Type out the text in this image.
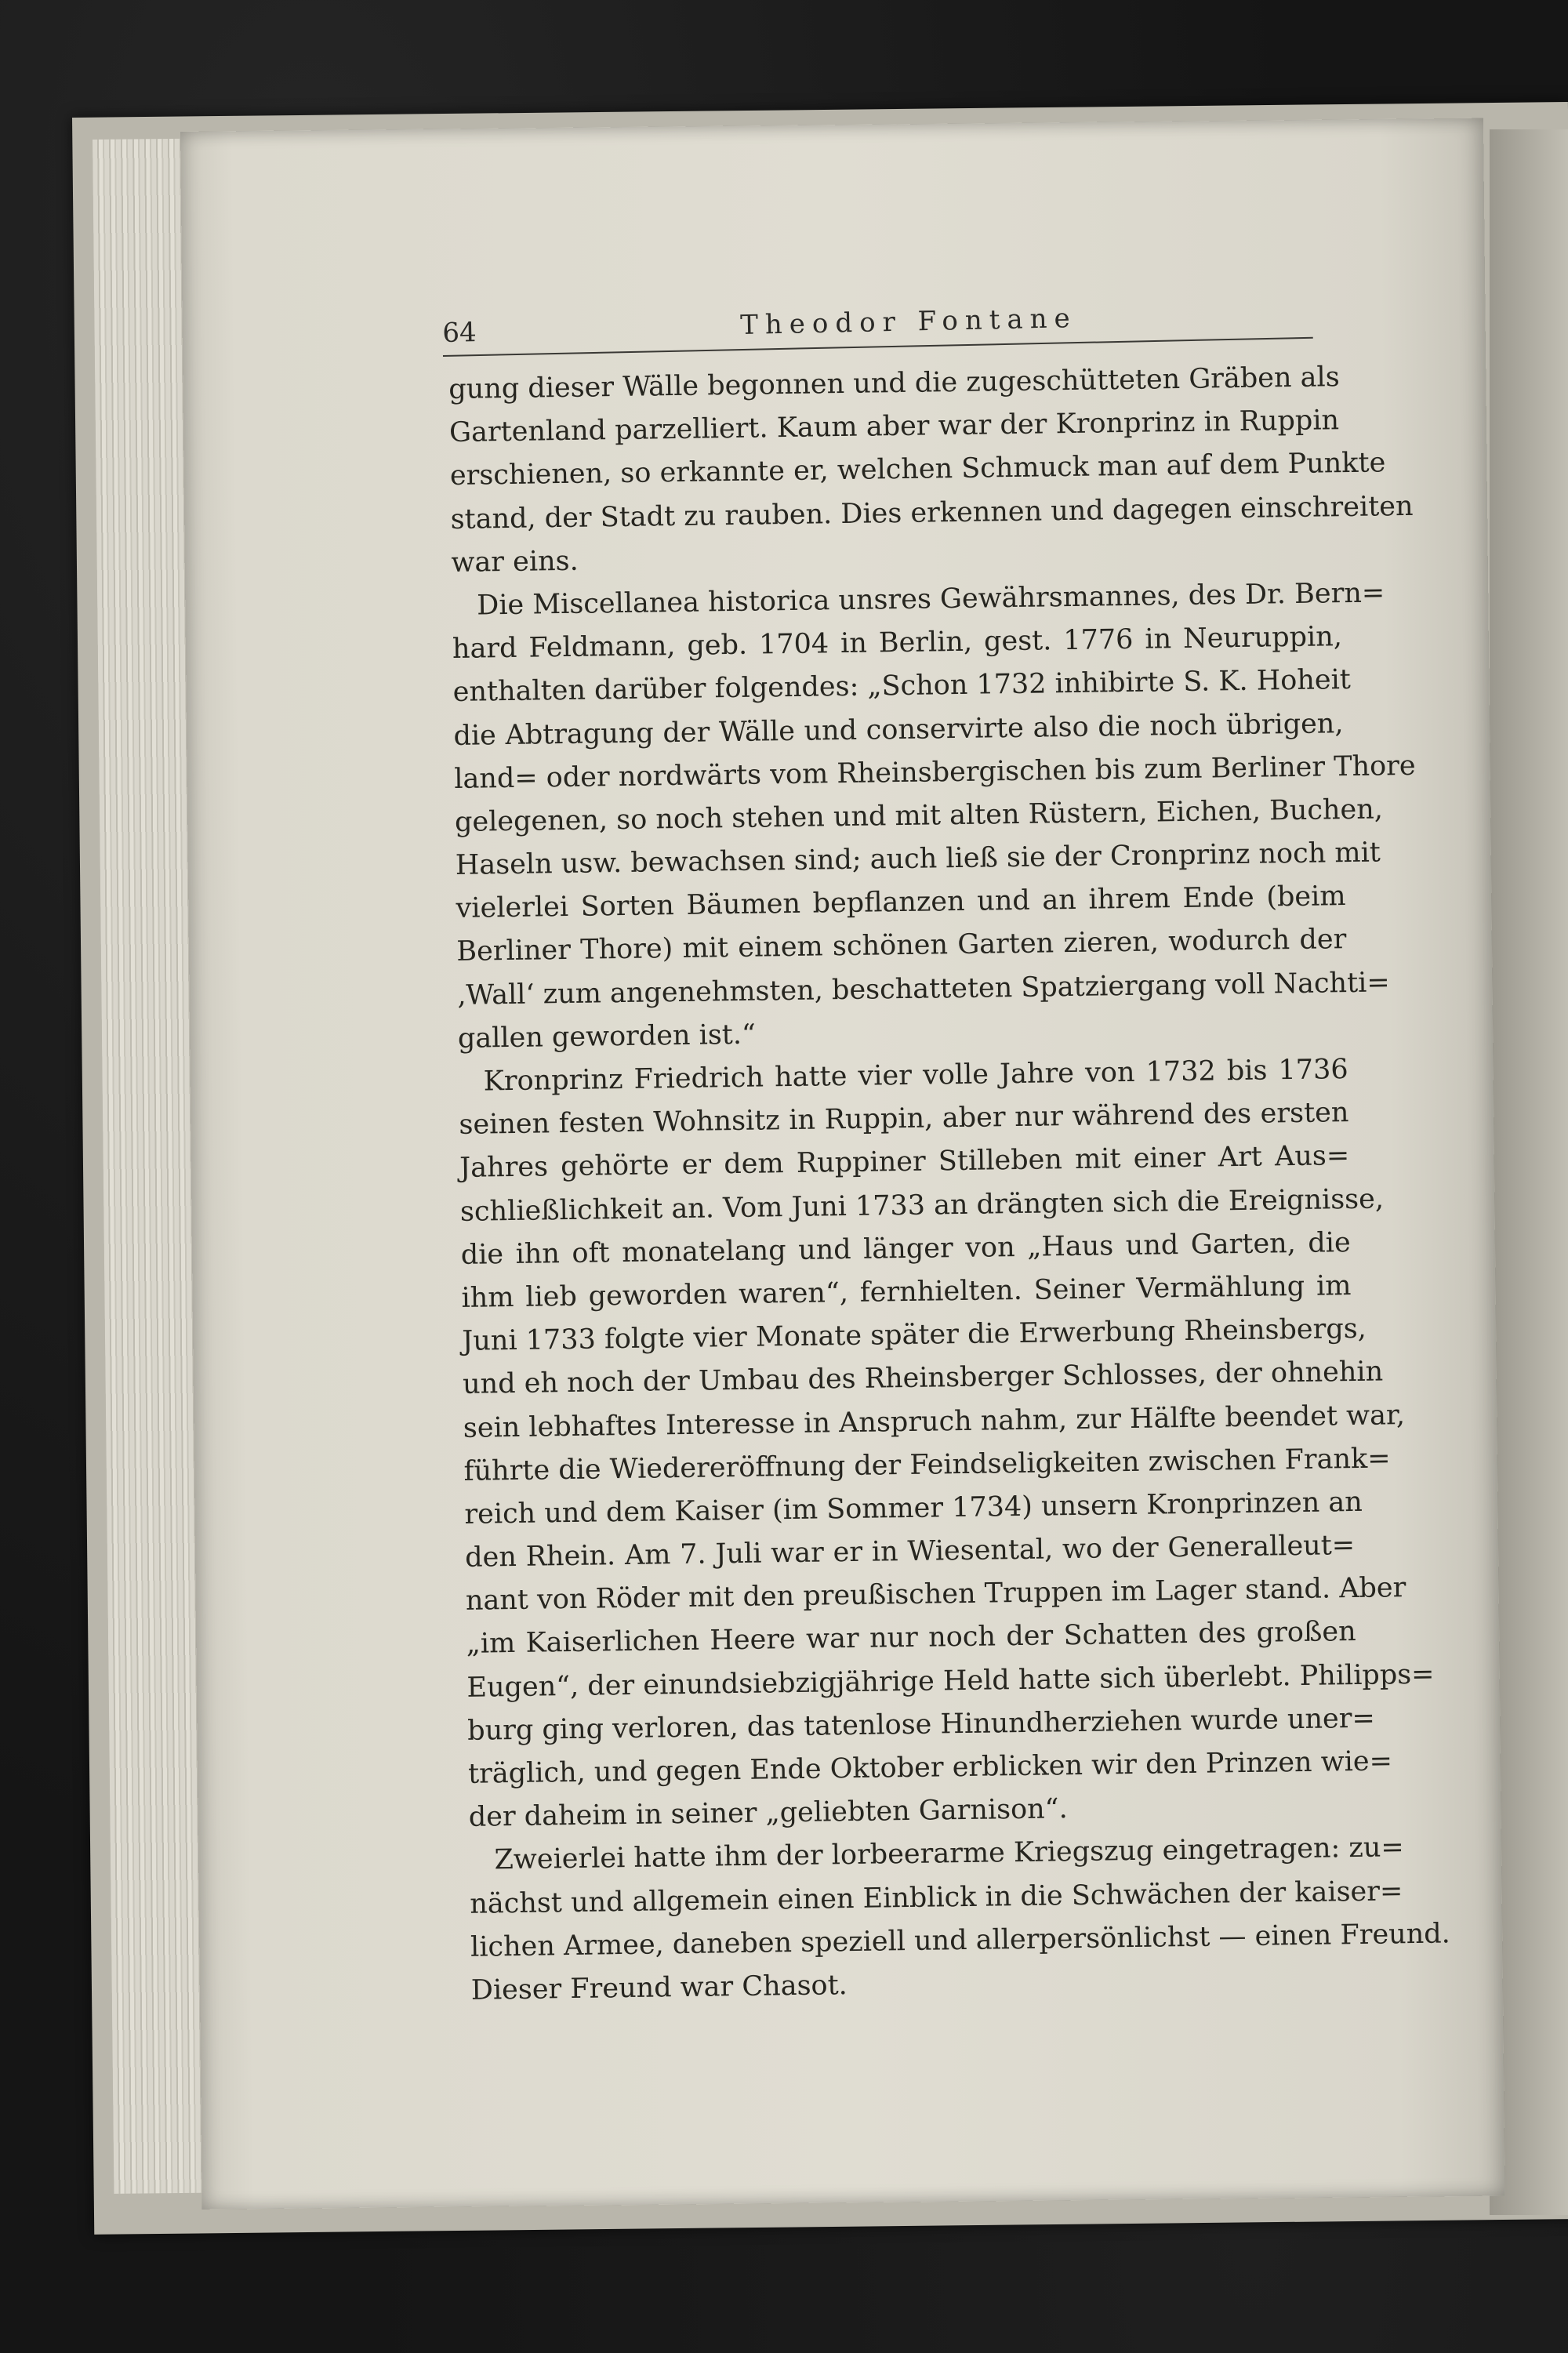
64	Theodor Fontane
gung dieser Wälle begonnen und die zugeschütteten Gräben als
Gartenland parzelliert. Kaum aber war der Kronprinz in Ruppin
erschienen, so erkannte er, welchen Schmuck man auf dem Punkte
stand, der Stadt zu rauben. Dies erkennen und dagegen einschreiten
war eins.
Die Miscellanea historica unsres Gewährsmannes, des Dr. Bern=
hard Feldmann, geb. 1704 in Berlin, gest. 1776 in Neuruppin,
enthalten darüber folgendes: „Schon 1732 inhibirte S. K. Hoheit
die Abtragung der Wälle und conservirte also die noch übrigen,
land= oder nordwärts vom Rheinsbergischen bis zum Berliner Thore
gelegenen, so noch stehen und mit alten Rüstern, Eichen, Buchen,
Haseln usw. bewachsen sind; auch ließ sie der Cronprinz noch mit
vielerlei Sorten Bäumen bepflanzen und an ihrem Ende (beim
Berliner Thore) mit einem schönen Garten zieren, wodurch der
‚Wall‘ zum angenehmsten, beschatteten Spatziergang voll Nachti=
gallen geworden ist.“
Kronprinz Friedrich hatte vier volle Jahre von 1732 bis 1736
seinen festen Wohnsitz in Ruppin, aber nur während des ersten
Jahres gehörte er dem Ruppiner Stilleben mit einer Art Aus=
schließlichkeit an. Vom Juni 1733 an drängten sich die Ereignisse,
die ihn oft monatelang und länger von „Haus und Garten, die
ihm lieb geworden waren“, fernhielten. Seiner Vermählung im
Juni 1733 folgte vier Monate später die Erwerbung Rheinsbergs,
und eh noch der Umbau des Rheinsberger Schlosses, der ohnehin
sein lebhaftes Interesse in Anspruch nahm, zur Hälfte beendet war,
führte die Wiedereröffnung der Feindseligkeiten zwischen Frank=
reich und dem Kaiser (im Sommer 1734) unsern Kronprinzen an
den Rhein. Am 7. Juli war er in Wiesental, wo der Generalleut=
nant von Röder mit den preußischen Truppen im Lager stand. Aber
„im Kaiserlichen Heere war nur noch der Schatten des großen
Eugen“, der einundsiebzigjährige Held hatte sich überlebt. Philipps=
burg ging verloren, das tatenlose Hinundherziehen wurde uner=
träglich, und gegen Ende Oktober erblicken wir den Prinzen wie=
der daheim in seiner „geliebten Garnison“.
Zweierlei hatte ihm der lorbeerarme Kriegszug eingetragen: zu=
nächst und allgemein einen Einblick in die Schwächen der kaiser=
lichen Armee, daneben speziell und allerpersönlichst — einen Freund.
Dieser Freund war Chasot.
